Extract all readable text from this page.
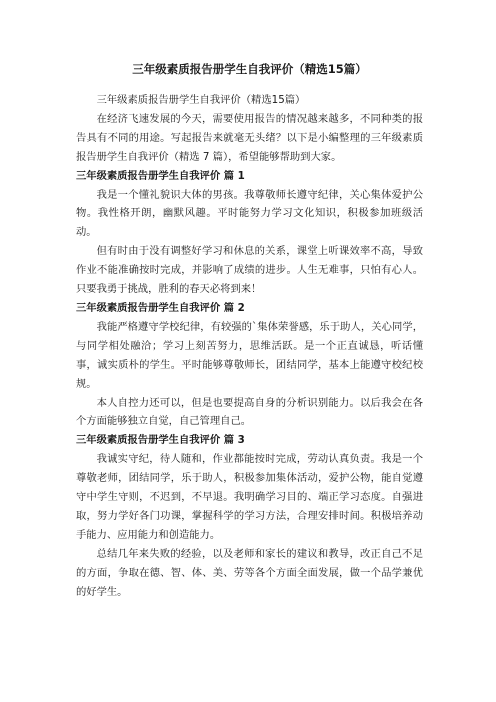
三年级素质报告册学生自我评价（精选15篇）

三年级素质报告册学生自我评价（精选15篇）

在经济飞速发展的今天，需要使用报告的情况越来越多，不同种类的报告具有不同的用途。写起报告来就毫无头绪？以下是小编整理的三年级素质报告册学生自我评价（精选 7 篇），希望能够帮助到大家。

三年级素质报告册学生自我评价 篇 1

我是一个懂礼貌识大体的男孩。我尊敬师长遵守纪律，关心集体爱护公物。我性格开朗，幽默风趣。平时能努力学习文化知识，积极参加班级活动。

但有时由于没有调整好学习和休息的关系，课堂上听课效率不高，导致作业不能准确按时完成，并影响了成绩的进步。人生无难事，只怕有心人。只要我勇于挑战，胜利的春天必将到来！

三年级素质报告册学生自我评价 篇 2

我能严格遵守学校纪律，有较强的`集体荣誉感，乐于助人，关心同学，与同学相处融洽；学习上刻苦努力，思维活跃。是一个正直诚恳，听话懂事，诚实质朴的学生。平时能够尊敬师长，团结同学，基本上能遵守校纪校规。

本人自控力还可以，但是也要提高自身的分析识别能力。以后我会在各个方面能够独立自觉，自己管理自己。

三年级素质报告册学生自我评价 篇 3

我诚实守纪，待人随和，作业都能按时完成，劳动认真负责。我是一个尊敬老师，团结同学，乐于助人，积极参加集体活动，爱护公物，能自觉遵守中学生守则，不迟到，不早退。我明确学习目的、端正学习态度。自强进取，努力学好各门功课，掌握科学的学习方法，合理安排时间。积极培养动手能力、应用能力和创造能力。

总结几年来失败的经验，以及老师和家长的建议和教导，改正自己不足的方面，争取在德、智、体、美、劳等各个方面全面发展，做一个品学兼优的好学生。
